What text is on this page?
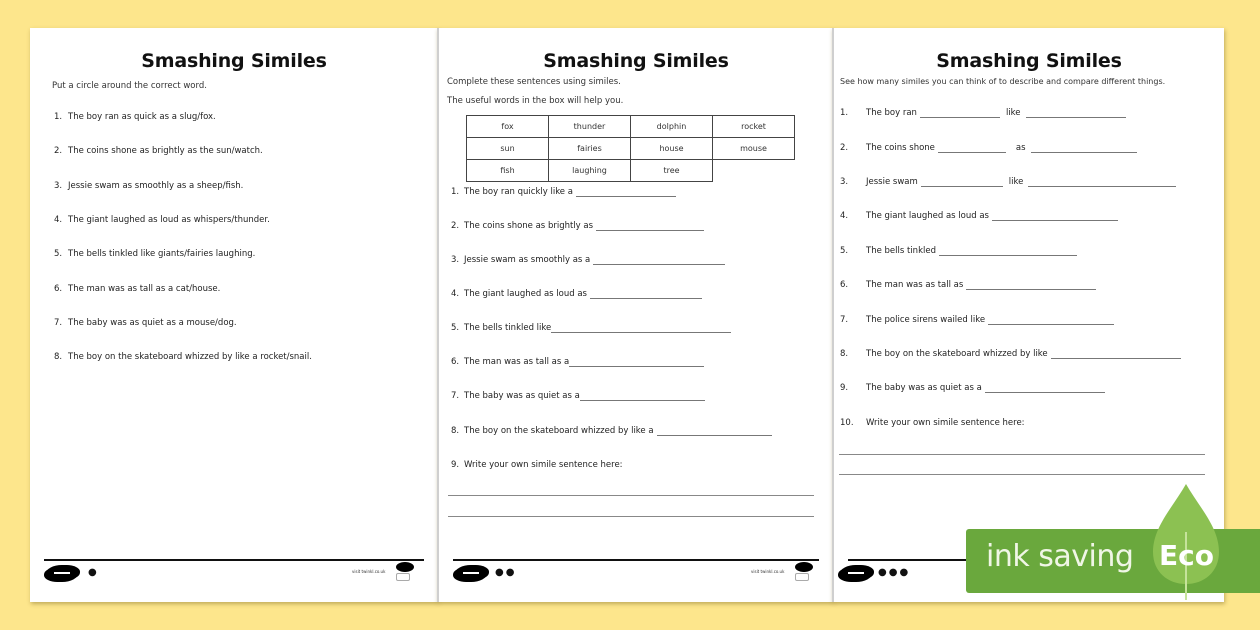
Smashing Similes
Put a circle around the correct word.
1. The boy ran as quick as a slug/fox.
2. The coins shone as brightly as the sun/watch.
3. Jessie swam as smoothly as a sheep/fish.
4. The giant laughed as loud as whispers/thunder.
5. The bells tinkled like giants/fairies laughing.
6. The man was as tall as a cat/house.
7. The baby was as quiet as a mouse/dog.
8. The boy on the skateboard whizzed by like a rocket/snail.
●	visit twinkl.co.uk
Smashing Similes
Complete these sentences using similes.
The useful words in the box will help you.
fox	thunder	dolphin	rocket
sun	fairies	house	mouse
fish	laughing	tree	
1. The boy ran quickly like a
2. The coins shone as brightly as
3. Jessie swam as smoothly as a
4. The giant laughed as loud as
5. The bells tinkled like
6. The man was as tall as a
7. The baby was as quiet as a
8. The boy on the skateboard whizzed by like a
9. Write your own simile sentence here:
●●	visit twinkl.co.uk
Smashing Similes
See how many similes you can think of to describe and compare different things.
1.	The boy ran	like
2.	The coins shone	as
3.	Jessie swam	like
4.	The giant laughed as loud as
5.	The bells tinkled
6.	The man was as tall as
7.	The police sirens wailed like
8.	The boy on the skateboard whizzed by like
9.	The baby was as quiet as a
10.	Write your own simile sentence here:
●●●	ink saving Eco
